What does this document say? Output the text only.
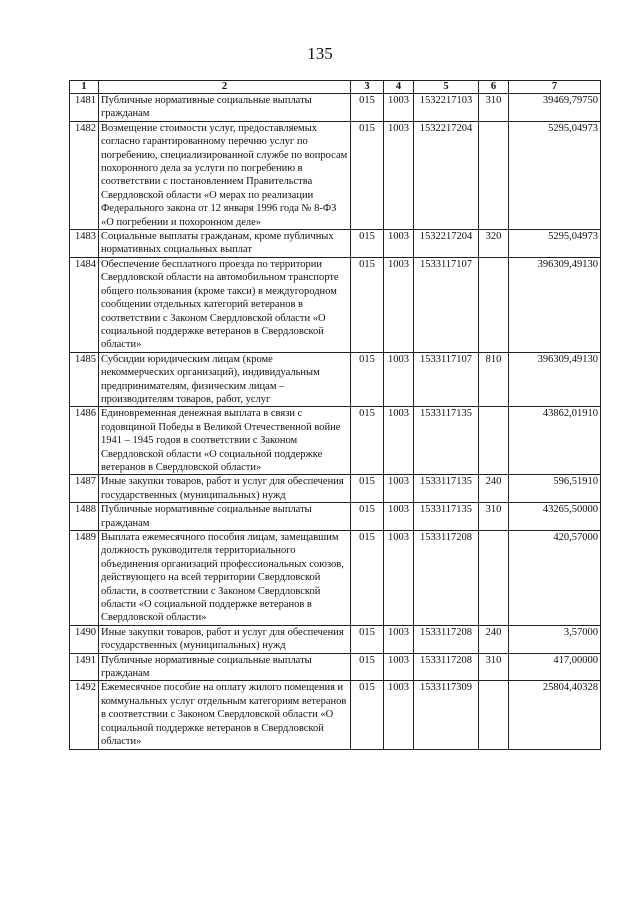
135
1	2	3	4	5	6	7
1481	Публичные нормативные социальные выплаты гражданам	015	1003	1532217103	310	39469,79750
1482	Возмещение стоимости услуг, предоставляемых согласно гарантированному перечню услуг по погребению, специализированной службе по вопросам похоронного дела за услуги по погребению в соответствии с постановлением Правительства Свердловской области «О мерах по реализации Федерального закона от 12 января 1996 года № 8-ФЗ «О погребении и похоронном деле»	015	1003	1532217204		5295,04973
1483	Социальные выплаты гражданам, кроме публичных нормативных социальных выплат	015	1003	1532217204	320	5295,04973
1484	Обеспечение бесплатного проезда по территории Свердловской области на автомобильном транспорте общего пользования (кроме такси) в междугородном сообщении отдельных категорий ветеранов в соответствии с Законом Свердловской области «О социальной поддержке ветеранов в Свердловской области»	015	1003	1533117107		396309,49130
1485	Субсидии юридическим лицам (кроме некоммерческих организаций), индивидуальным предпринимателям, физическим лицам – производителям товаров, работ, услуг	015	1003	1533117107	810	396309,49130
1486	Единовременная денежная выплата в связи с годовщиной Победы в Великой Отечественной войне 1941 – 1945 годов в соответствии с Законом Свердловской области «О социальной поддержке ветеранов в Свердловской области»	015	1003	1533117135		43862,01910
1487	Иные закупки товаров, работ и услуг для обеспечения государственных (муниципальных) нужд	015	1003	1533117135	240	596,51910
1488	Публичные нормативные социальные выплаты гражданам	015	1003	1533117135	310	43265,50000
1489	Выплата ежемесячного пособия лицам, замещавшим должность руководителя территориального объединения организаций профессиональных союзов, действующего на всей территории Свердловской области, в соответствии с Законом Свердловской области «О социальной поддержке ветеранов в Свердловской области»	015	1003	1533117208		420,57000
1490	Иные закупки товаров, работ и услуг для обеспечения государственных (муниципальных) нужд	015	1003	1533117208	240	3,57000
1491	Публичные нормативные социальные выплаты гражданам	015	1003	1533117208	310	417,00000
1492	Ежемесячное пособие на оплату жилого помещения и коммунальных услуг отдельным категориям ветеранов в соответствии с Законом Свердловской области «О социальной поддержке ветеранов в Свердловской области»	015	1003	1533117309		25804,40328
